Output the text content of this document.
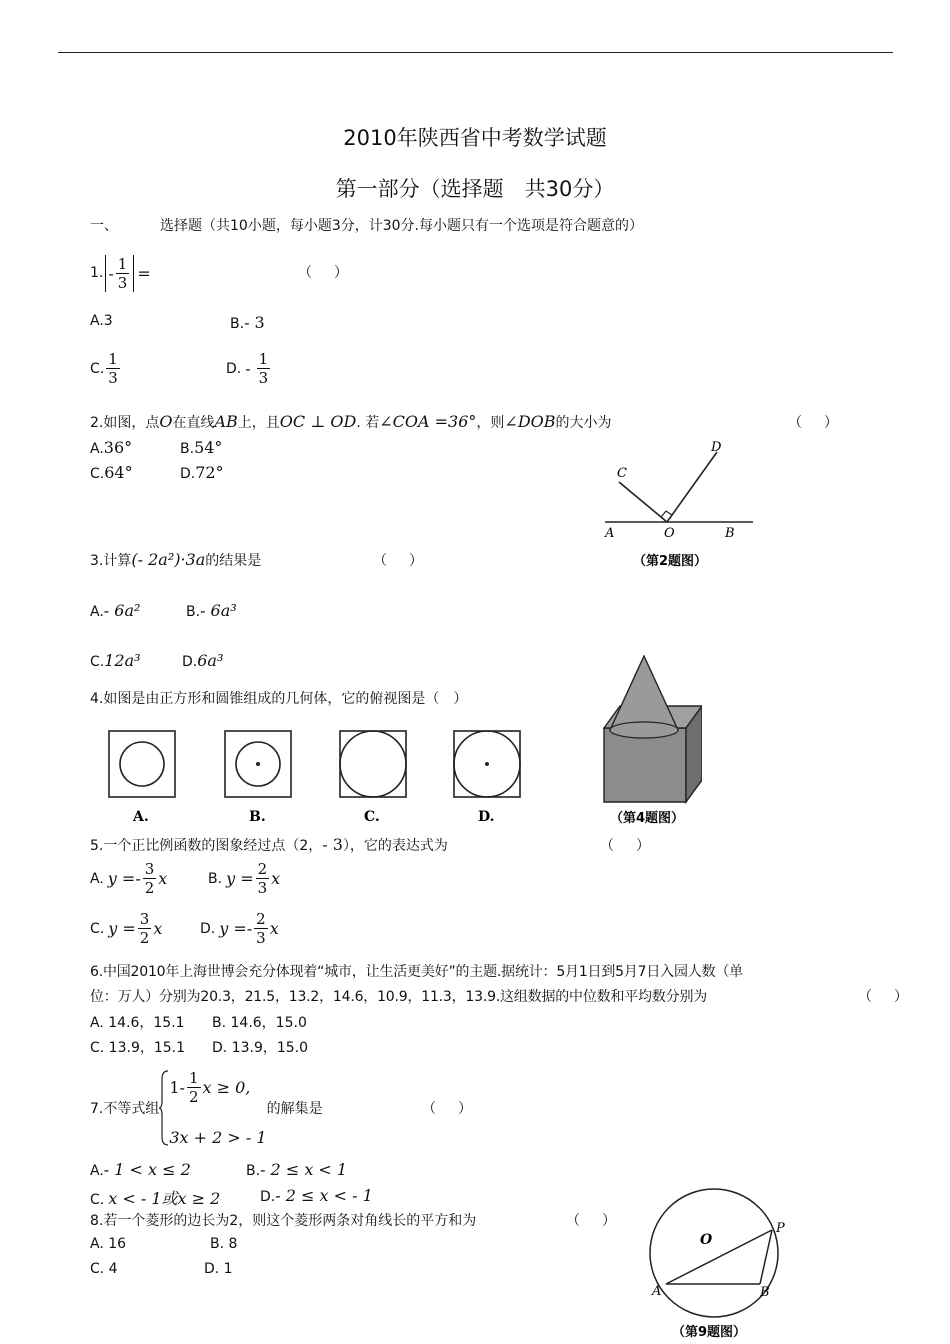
2010年陕西省中考数学试题
第一部分（选择题　共30分）
一、	选择题（共10小题，每小题3分，计30分.每小题只有一个选项是符合题意的）
1. - $\frac{1}{3}$ =	（　）
A.3	B.- 3
C. $\frac{1}{3}$	D. - $\frac{1}{3}$
2.如图，点O在直线AB上，且OC ⊥ OD. 若∠COA =36°，则∠DOB的大小为	（　）
A.36°	B.54°
C.64°	D.72°
A	O	B
C
D
（第2题图）
3.计算(- 2a²)·3a的结果是	（　）
A.- 6a²	B.- 6a³
C.12a³	D.6a³
4.如图是由正方形和圆锥组成的几何体，它的俯视图是（　）
A.	B.	C.	D.	（第4题图）
5.一个正比例函数的图象经过点（2，- 3），它的表达式为	（　）
A. $y =- \frac{3}{2}$ x	B. $y = \frac{2}{3}$ x
C. $y = \frac{3}{2}$ x	D. $y =- \frac{2}{3}$ x
6.中国2010年上海世博会充分体现着“城市，让生活更美好”的主题.据统计：5月1日到5月7日入园人数（单
位：万人）分别为20.3，21.5，13.2，14.6，10.9，11.3，13.9.这组数据的中位数和平均数分别为	（　）
A. 14.6，15.1 B. 14.6，15.0
C. 13.9，15.1 D. 13.9，15.0
7.不等式组
$1- \frac{1}{2}$ x ≥ 0,
3x + 2 > - 1
的解集是	（　）
A.- 1 < x ≤ 2	B.- 2 ≤ x < 1
C. x < - 1或x ≥ 2	D.- 2 ≤ x < - 1
8.若一个菱形的边长为2，则这个菱形两条对角线长的平方和为	（　）
A. 16	B. 8
C. 4	D. 1
O
P
A	B
（第9题图）
